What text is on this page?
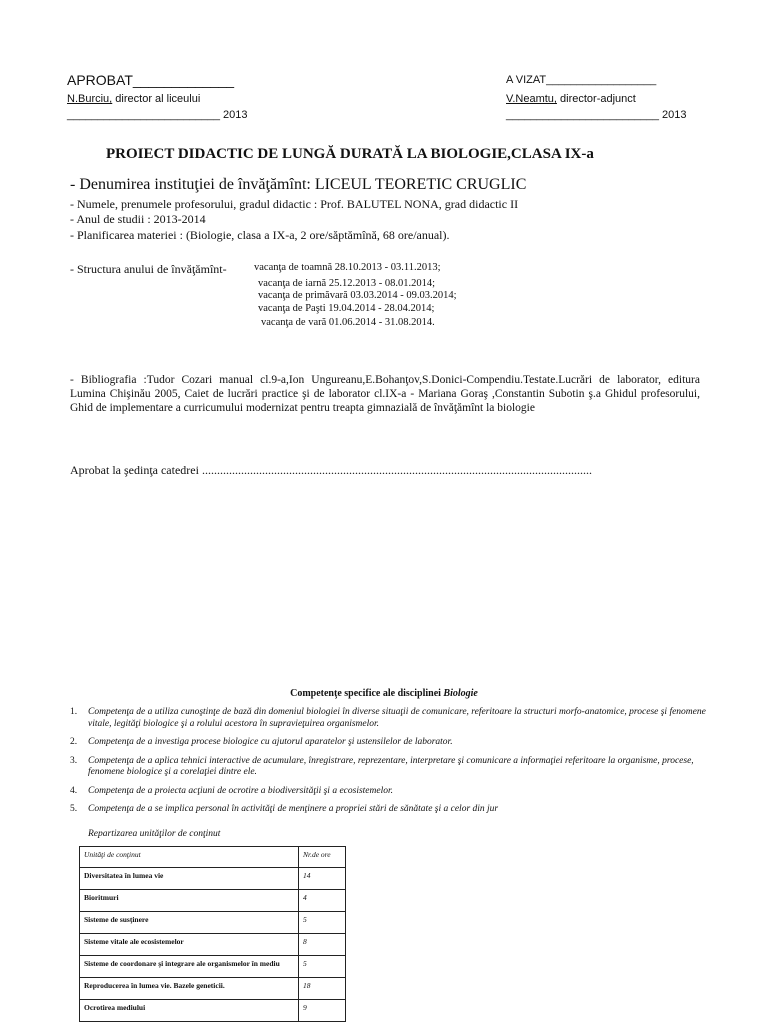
APROBAT_____________
N.Burciu, director al liceului
_________________________ 2013
A VIZAT__________________
V.Neamtu, director-adjunct
_________________________ 2013
PROIECT DIDACTIC DE LUNGĂ DURATĂ LA BIOLOGIE,CLASA IX-a
- Denumirea instituţiei de învăţămînt: LICEUL TEORETIC CRUGLIC
- Numele, prenumele profesorului, gradul didactic : Prof. BALUTEL NONA, grad didactic II
- Anul de studii : 2013-2014
- Planificarea materiei : (Biologie, clasa a IX-a, 2 ore/săptămînă, 68 ore/anual).
- Structura anului de învăţămînt-	vacanţa de toamnă 28.10.2013 - 03.11.2013;
vacanţa de iarnă 25.12.2013 - 08.01.2014;
vacanţa de primăvară 03.03.2014 - 09.03.2014;
vacanţa de Paşti 19.04.2014 - 28.04.2014;
vacanţa de vară 01.06.2014 - 31.08.2014.
- Bibliografia :Tudor Cozari manual cl.9-a,Ion Ungureanu,E.Bohanţov,S.Donici-Compendiu.Testate.Lucrări de laborator, editura Lumina Chişinău 2005, Caiet de lucrări practice şi de laborator cl.IX-a - Mariana Goraş ,Constantin Subotin ş.a Ghidul profesorului, Ghid de implementare a curricumului modernizat pentru treapta gimnazială de învăţămînt la biologie
Aprobat la şedinţa catedrei ..................................................................................................................................
Competenţe specifice ale disciplinei Biologie
1. Competenţa de a utiliza cunoştinţe de bază din domeniul biologiei în diverse situaţii de comunicare, referitoare la structuri morfo-anatomice, procese şi fenomene vitale, legităţi biologice şi a rolului acestora în supravieţuirea organismelor.
2. Competenţa de a investiga procese biologice cu ajutorul aparatelor şi ustensilelor de laborator.
3. Competenţa de a aplica tehnici interactive de acumulare, înregistrare, reprezentare, interpretare şi comunicare a informaţiei referitoare la organisme, procese, fenomene biologice şi a corelaţiei dintre ele.
4. Competenţa de a proiecta acţiuni de ocrotire a biodiversităţii şi a ecosistemelor.
5. Competenţa de a se implica personal în activităţi de menţinere a propriei stări de sănătate şi a celor din jur
Repartizarea unităţilor de conţinut
Unităţi de conţinut	Nr.de ore
Diversitatea în lumea vie	14
Bioritmuri	4
Sisteme de susţinere	5
Sisteme vitale ale ecosistemelor	8
Sisteme de coordonare şi integrare ale organismelor în mediu	5
Reproducerea în lumea vie. Bazele geneticii.	18
Ocrotirea mediului	9
